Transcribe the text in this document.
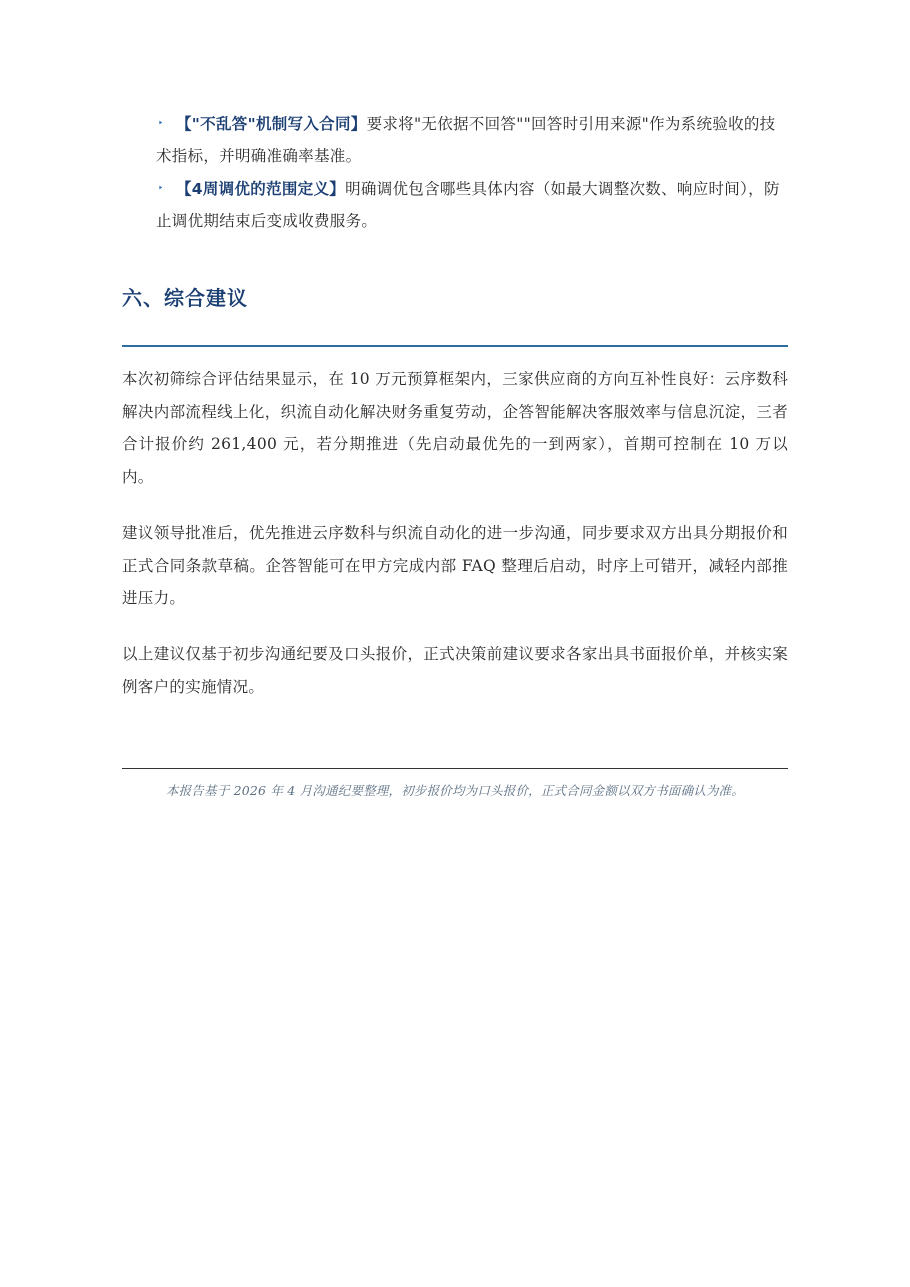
‣ 【"不乱答"机制写入合同】要求将"无依据不回答""回答时引用来源"作为系统验收的技术指标，并明确准确率基准。
‣ 【4周调优的范围定义】明确调优包含哪些具体内容（如最大调整次数、响应时间），防止调优期结束后变成收费服务。
六、综合建议

本次初筛综合评估结果显示，在 10 万元预算框架内，三家供应商的方向互补性良好：云序数科解决内部流程线上化，织流自动化解决财务重复劳动，企答智能解决客服效率与信息沉淀，三者合计报价约 261,400 元，若分期推进（先启动最优先的一到两家），首期可控制在 10 万以内。

建议领导批准后，优先推进云序数科与织流自动化的进一步沟通，同步要求双方出具分期报价和正式合同条款草稿。企答智能可在甲方完成内部 FAQ 整理后启动，时序上可错开，减轻内部推进压力。

以上建议仅基于初步沟通纪要及口头报价，正式决策前建议要求各家出具书面报价单，并核实案例客户的实施情况。

本报告基于 2026 年 4 月沟通纪要整理，初步报价均为口头报价，正式合同金额以双方书面确认为准。
